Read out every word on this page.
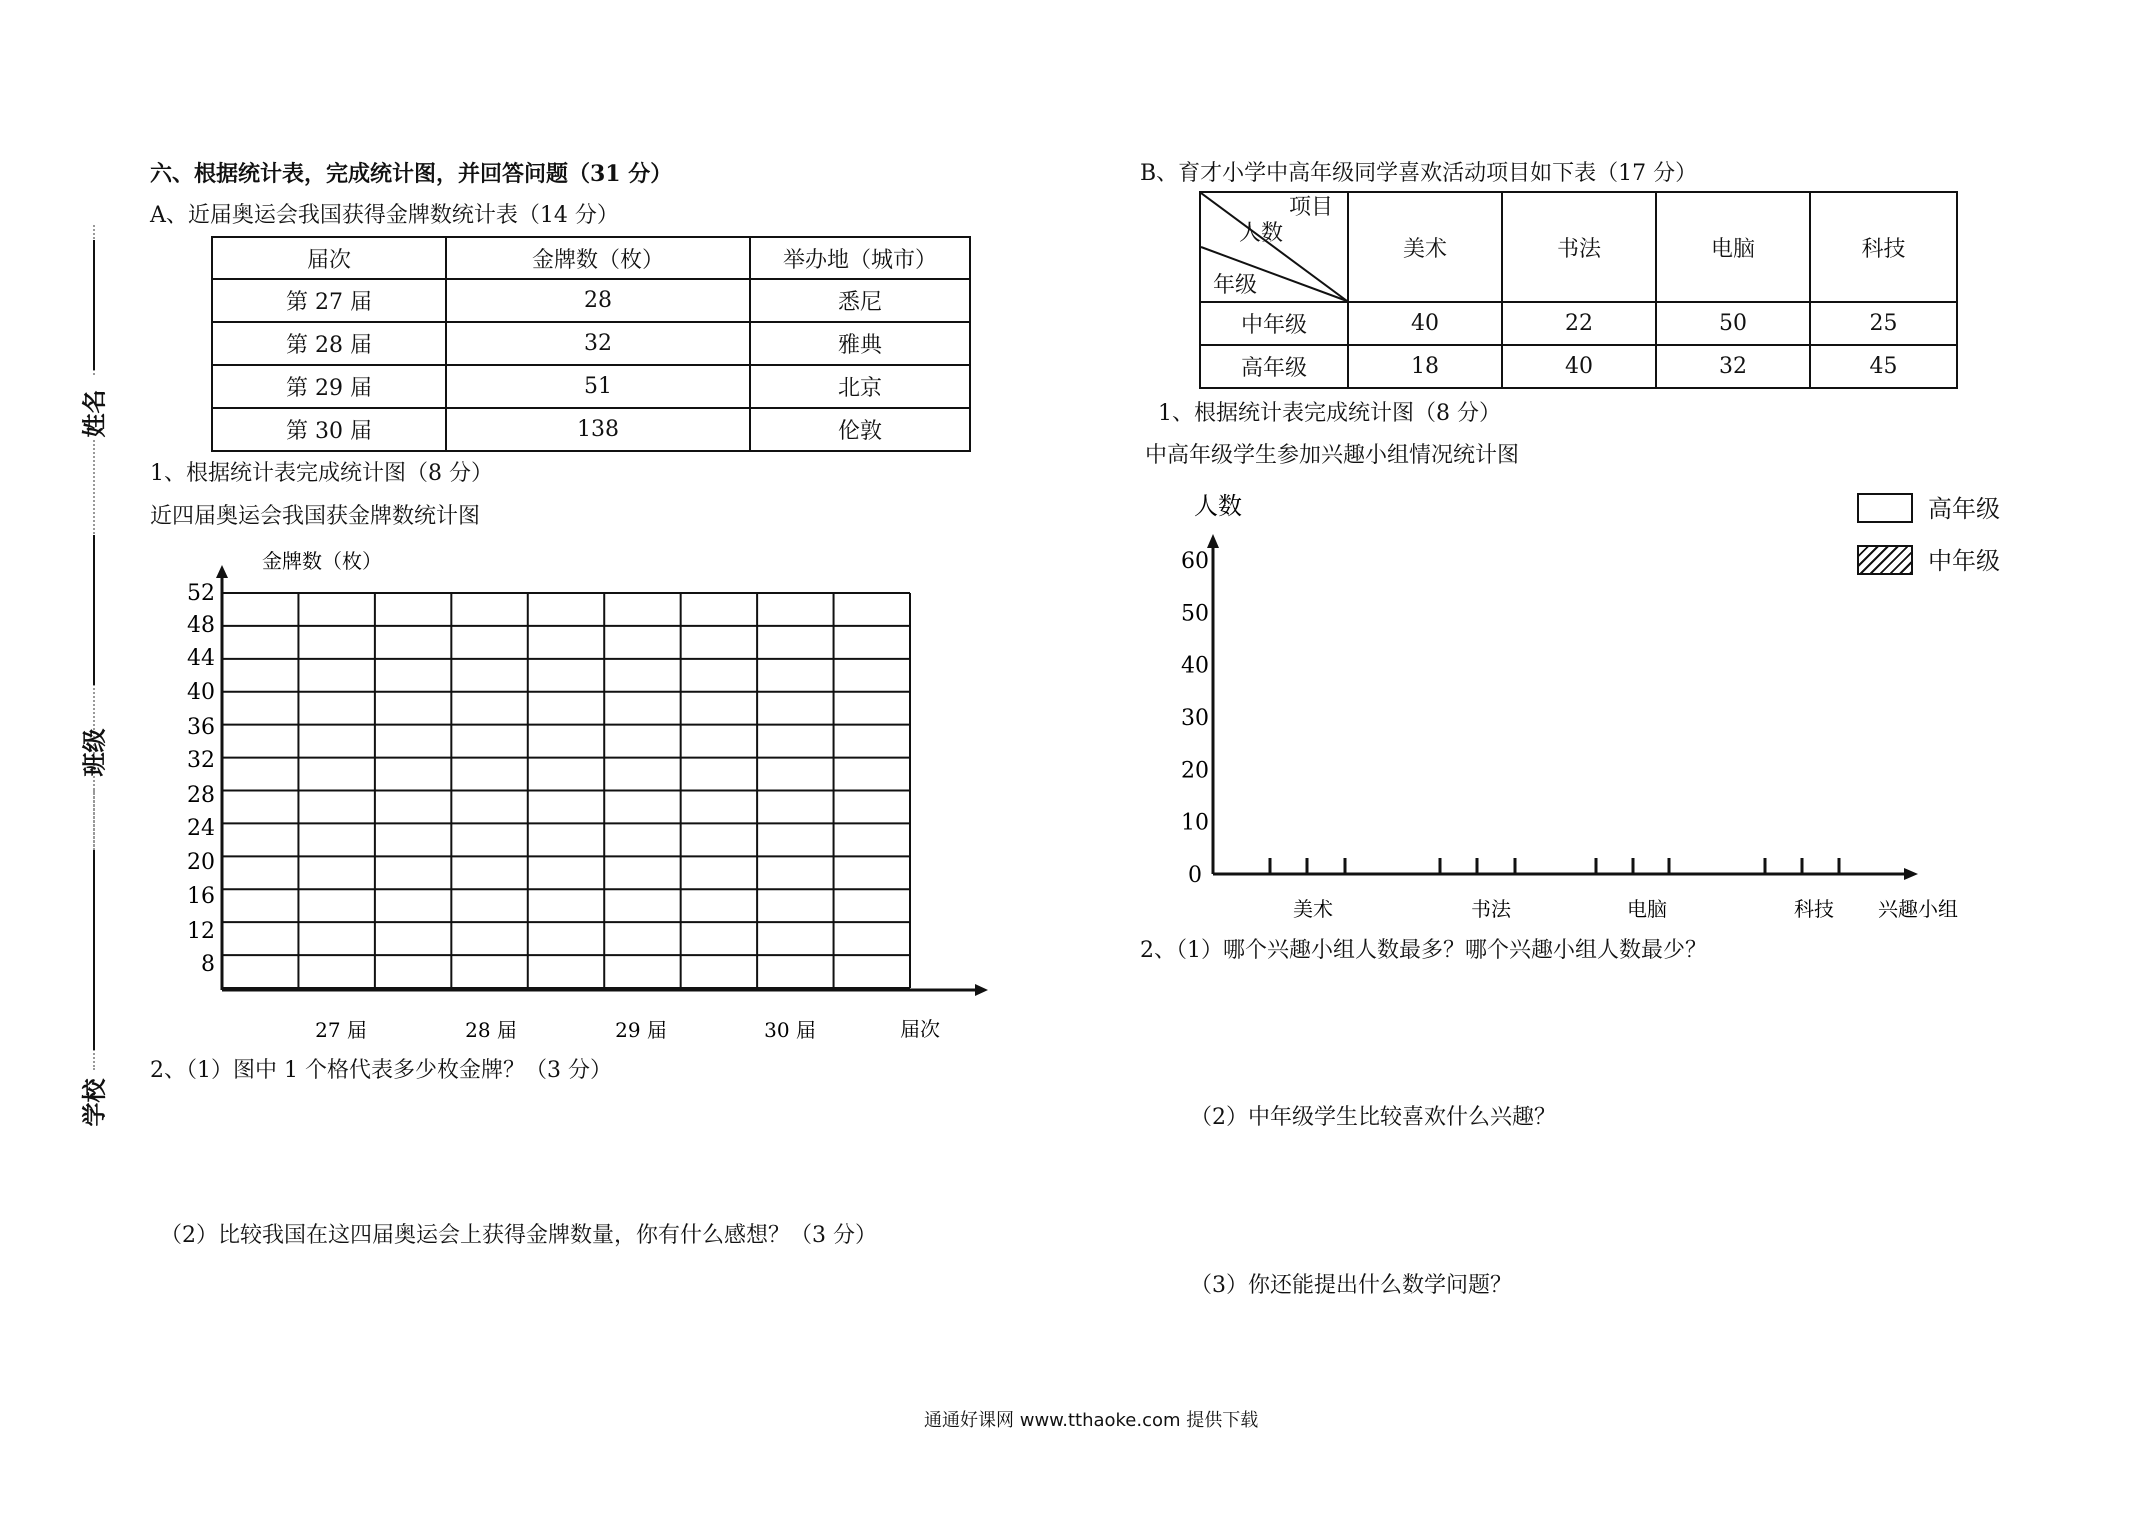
姓名
班级
学校
六、根据统计表，完成统计图，并回答问题（31 分）
A、近届奥运会我国获得金牌数统计表（14 分）
届次	金牌数（枚）	举办地（城市）
第 27 届	28	悉尼
第 28 届	32	雅典
第 29 届	51	北京
第 30 届	138	伦敦
1、根据统计表完成统计图（8 分）
近四届奥运会我国获金牌数统计图
52
48
44
40
36
32
28
24
20
16
12
8
27 届	28 届	29 届	30 届
金牌数（枚）
届次
2、（1）图中 1 个格代表多少枚金牌？（3 分）
（2）比较我国在这四届奥运会上获得金牌数量，你有什么感想？（3 分）
B、育才小学中高年级同学喜欢活动项目如下表（17 分）
项目
人数
年级	美术	书法	电脑	科技
中年级	40	22	50	25
高年级	18	40	32	45
1、根据统计表完成统计图（8 分）
中高年级学生参加兴趣小组情况统计图
0
10
20
30
40
50
60
美术	书法	电脑	科技
人数
兴趣小组
高年级
中年级
2、（1）哪个兴趣小组人数最多？哪个兴趣小组人数最少？
（2）中年级学生比较喜欢什么兴趣？
（3）你还能提出什么数学问题？
通通好课网 www.tthaoke.com 提供下载
